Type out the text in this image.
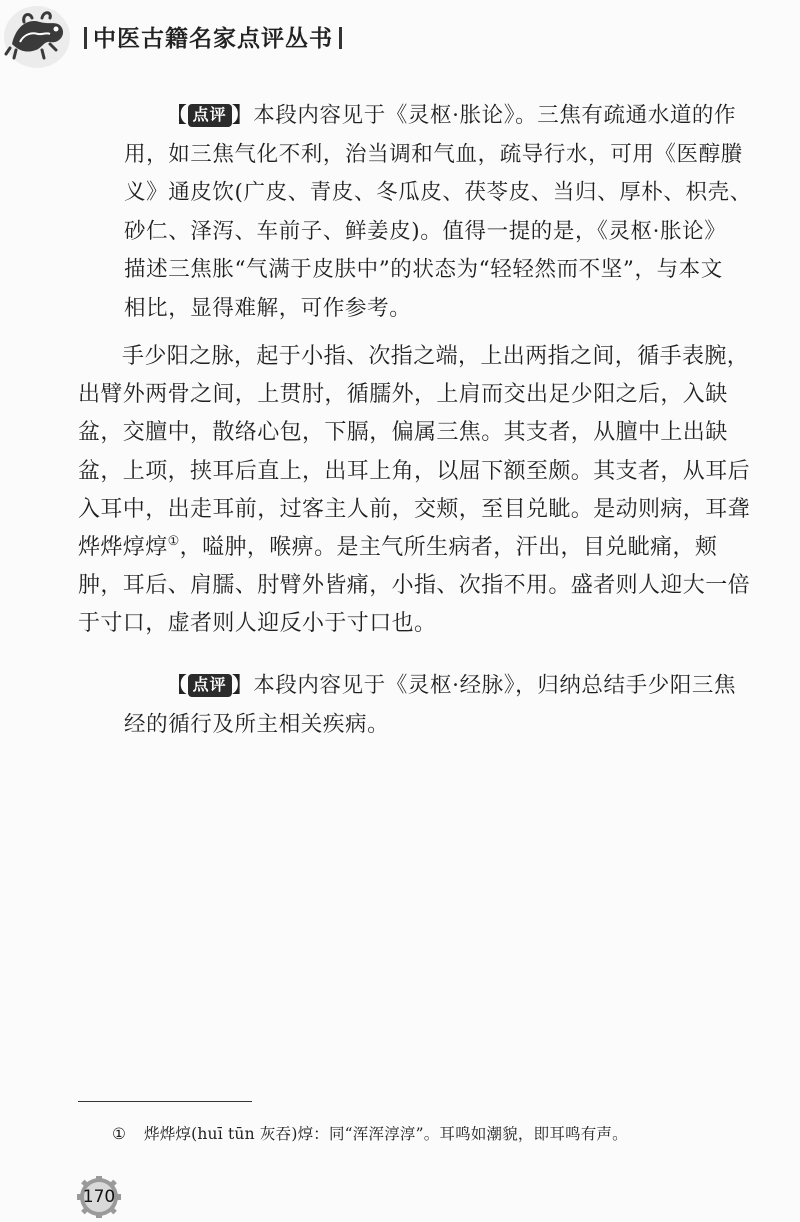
中医古籍名家点评丛书
【 点评 】本段内容见于《灵枢·胀论》。三焦有疏通水道的作
用，如三焦气化不利，治当调和气血，疏导行水，可用《医醇賸
义》通皮饮(广皮、青皮、冬瓜皮、茯苓皮、当归、厚朴、枳壳、
砂仁、泽泻、车前子、鲜姜皮)。值得一提的是，《灵枢·胀论》
描述三焦胀“气满于皮肤中”的状态为“轻轻然而不坚”，与本文
相比，显得难解，可作参考。
手少阳之脉，起于小指、次指之端，上出两指之间，循手表腕，
出臂外两骨之间，上贯肘，循臑外，上肩而交出足少阳之后，入缺
盆，交膻中，散络心包，下膈，偏属三焦。其支者，从膻中上出缺
盆，上项，挟耳后直上，出耳上角，以屈下额至颇。其支者，从耳后
入耳中，出走耳前，过客主人前，交颊，至目兑眦。是动则病，耳聋
烨烨焞焞①，嗌肿，喉痹。是主气所生病者，汗出，目兑眦痛，颊
肿，耳后、肩臑、肘臂外皆痛，小指、次指不用。盛者则人迎大一倍
于寸口，虚者则人迎反小于寸口也。
【 点评 】本段内容见于《灵枢·经脉》，归纳总结手少阳三焦
经的循行及所主相关疾病。
① 烨烨焞(huī tūn 灰吞)焞：同“浑浑淳淳”。耳鸣如潮貌，即耳鸣有声。
170
